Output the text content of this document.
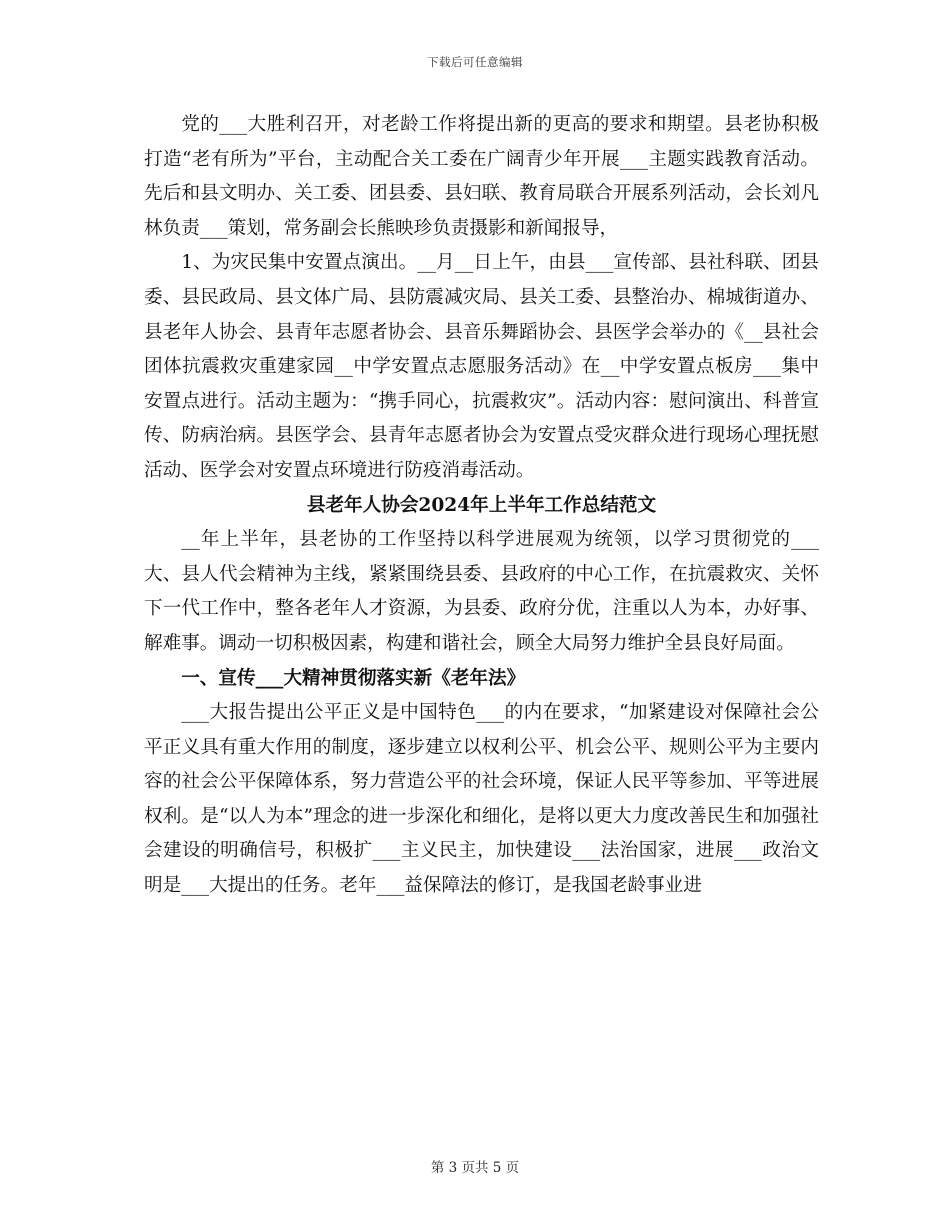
下载后可任意编辑

党的___大胜利召开，对老龄工作将提出新的更高的要求和期望。县老协积极打造“老有所为”平台，主动配合关工委在广阔青少年开展___主题实践教育活动。先后和县文明办、关工委、团县委、县妇联、教育局联合开展系列活动，会长刘凡林负责___策划，常务副会长熊映珍负责摄影和新闻报导，

1、为灾民集中安置点演出。__月__日上午，由县___宣传部、县社科联、团县委、县民政局、县文体广局、县防震减灾局、县关工委、县整治办、棉城街道办、县老年人协会、县青年志愿者协会、县音乐舞蹈协会、县医学会举办的《__县社会团体抗震救灾重建家园__中学安置点志愿服务活动》在__中学安置点板房___集中安置点进行。活动主题为：“携手同心，抗震救灾”。活动内容：慰问演出、科普宣传、防病治病。县医学会、县青年志愿者协会为安置点受灾群众进行现场心理抚慰活动、医学会对安置点环境进行防疫消毒活动。

县老年人协会2024年上半年工作总结范文

__年上半年，县老协的工作坚持以科学进展观为统领，以学习贯彻党的___大、县人代会精神为主线，紧紧围绕县委、县政府的中心工作，在抗震救灾、关怀下一代工作中，整各老年人才资源，为县委、政府分优，注重以人为本，办好事、解难事。调动一切积极因素，构建和谐社会，顾全大局努力维护全县良好局面。

一、宣传___大精神贯彻落实新《老年法》

___大报告提出公平正义是中国特色___的内在要求，“加紧建设对保障社会公平正义具有重大作用的制度，逐步建立以权利公平、机会公平、规则公平为主要内容的社会公平保障体系，努力营造公平的社会环境，保证人民平等参加、平等进展权利。是“以人为本”理念的进一步深化和细化，是将以更大力度改善民生和加强社会建设的明确信号，积极扩___主义民主，加快建设___法治国家，进展___政治文明是___大提出的任务。老年___益保障法的修订，是我国老龄事业进

第 3 页共 5 页
